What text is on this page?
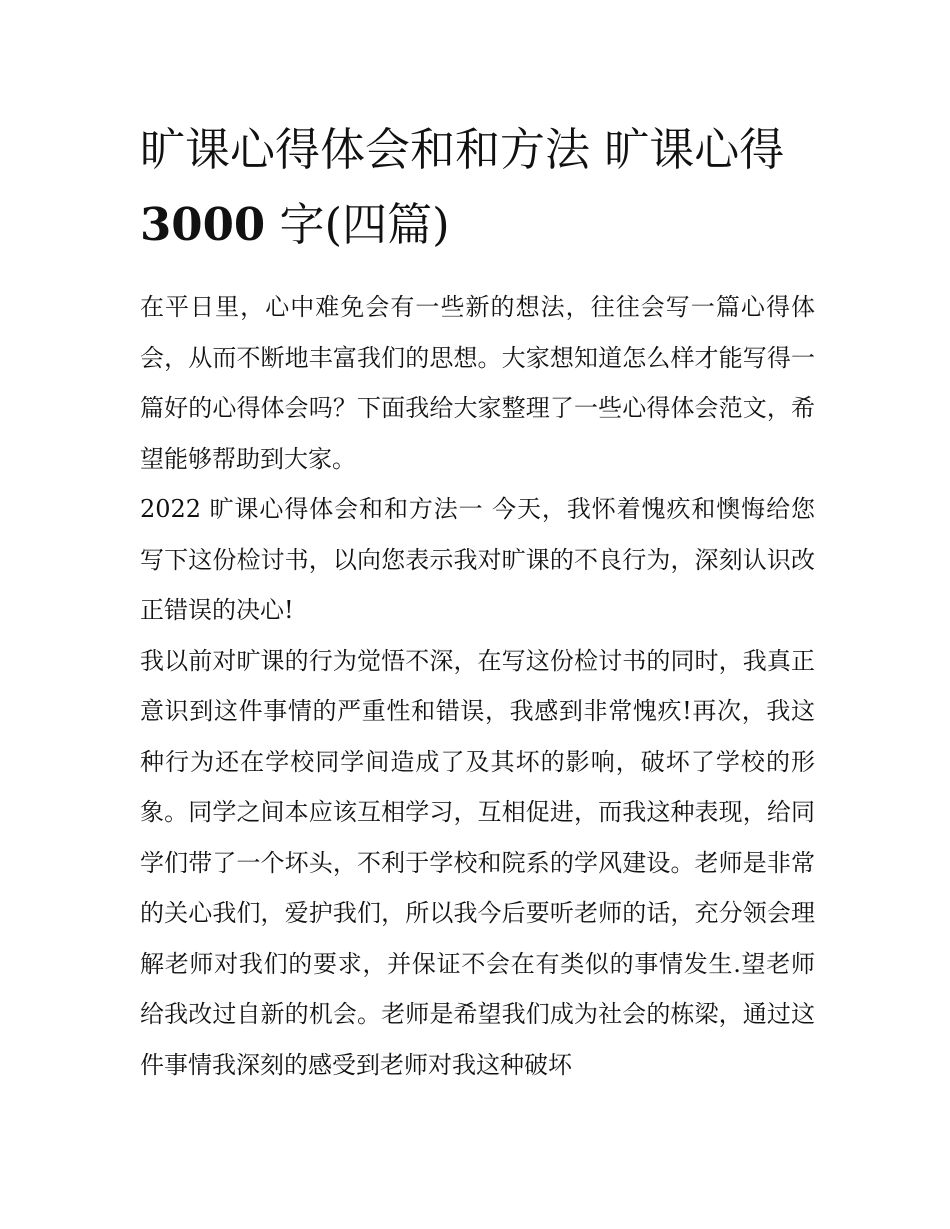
旷课心得体会和和方法 旷课心得3000 字(四篇)

在平日里，心中难免会有一些新的想法，往往会写一篇心得体会，从而不断地丰富我们的思想。大家想知道怎么样才能写得一篇好的心得体会吗？下面我给大家整理了一些心得体会范文，希望能够帮助到大家。

2022 旷课心得体会和和方法一 今天，我怀着愧疚和懊悔给您写下这份检讨书，以向您表示我对旷课的不良行为，深刻认识改正错误的决心!

我以前对旷课的行为觉悟不深，在写这份检讨书的同时，我真正意识到这件事情的严重性和错误，我感到非常愧疚!再次，我这种行为还在学校同学间造成了及其坏的影响，破坏了学校的形象。同学之间本应该互相学习，互相促进，而我这种表现，给同学们带了一个坏头，不利于学校和院系的学风建设。老师是非常的关心我们，爱护我们，所以我今后要听老师的话，充分领会理解老师对我们的要求，并保证不会在有类似的事情发生.望老师给我改过自新的机会。老师是希望我们成为社会的栋梁，通过这件事情我深刻的感受到老师对我这种破坏
